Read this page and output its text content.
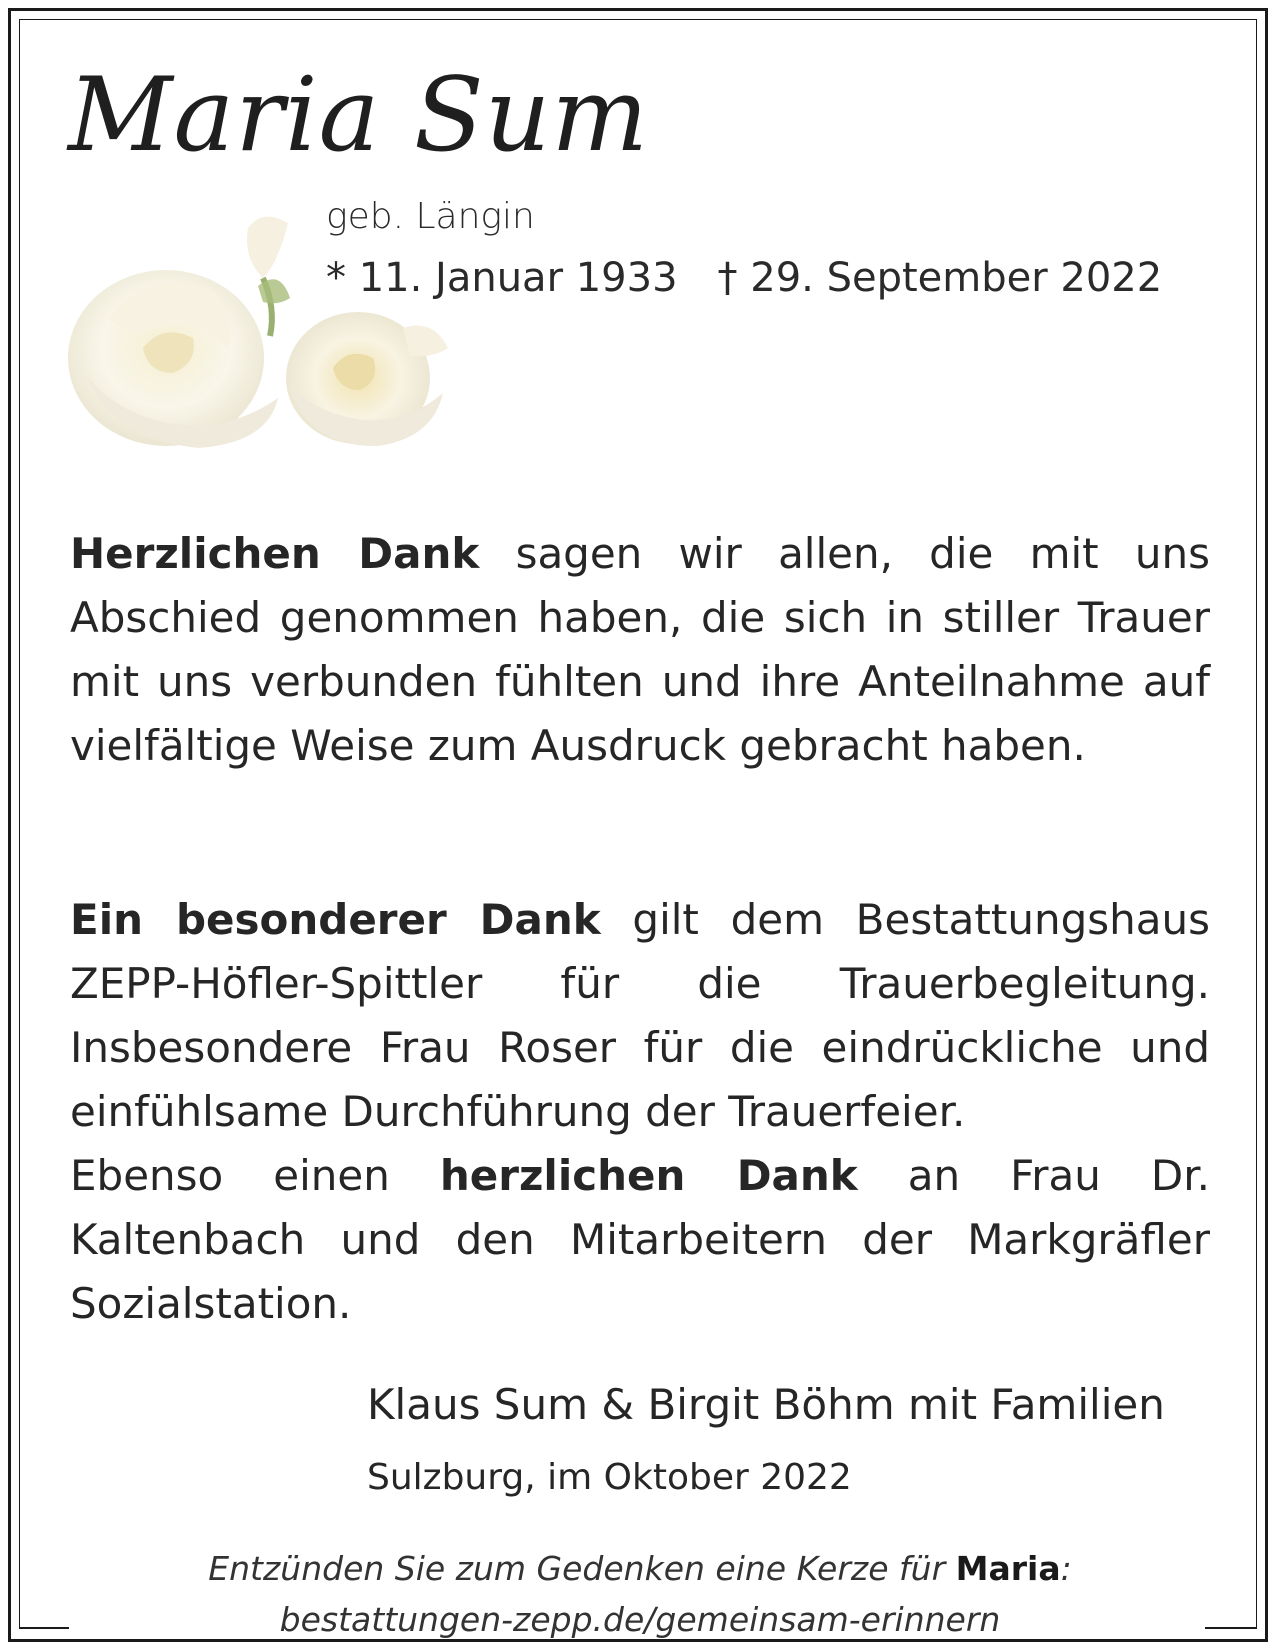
Maria Sum
geb. Längin
* 11. Januar 1933 † 29. September 2022
Herzlichen Dank sagen wir allen, die mit uns Abschied genommen haben, die sich in stiller Trauer mit uns verbunden fühlten und ihre Anteilnahme auf vielfältige Weise zum Ausdruck gebracht haben.
Ein besonderer Dank gilt dem Bestattungshaus ZEPP-Höfler-Spittler für die Trauerbegleitung. Insbesondere Frau Roser für die eindrückliche und einfühlsame Durchführung der Trauerfeier.
Ebenso einen herzlichen Dank an Frau Dr. Kaltenbach und den Mitarbeitern der Markgräfler Sozialstation.
Klaus Sum & Birgit Böhm mit Familien
Sulzburg, im Oktober 2022
Entzünden Sie zum Gedenken eine Kerze für Maria:
bestattungen-zepp.de/gemeinsam-erinnern
